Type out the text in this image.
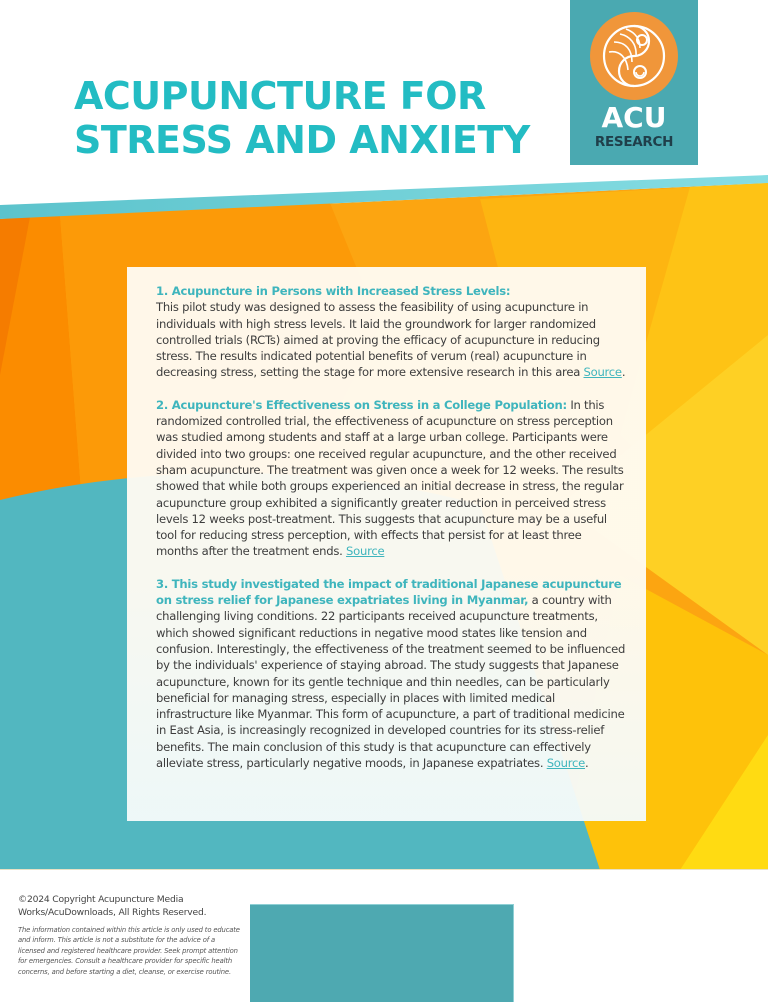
ACUPUNCTURE FOR
STRESS AND ANXIETY
ACU
RESEARCH

1. Acupuncture in Persons with Increased Stress Levels:
This pilot study was designed to assess the feasibility of using acupuncture in individuals with high stress levels. It laid the groundwork for larger randomized controlled trials (RCTs) aimed at proving the efficacy of acupuncture in reducing stress. The results indicated potential benefits of verum (real) acupuncture in decreasing stress, setting the stage for more extensive research in this area Source.

2. Acupuncture's Effectiveness on Stress in a College Population: In this randomized controlled trial, the effectiveness of acupuncture on stress perception was studied among students and staff at a large urban college. Participants were divided into two groups: one received regular acupuncture, and the other received sham acupuncture. The treatment was given once a week for 12 weeks. The results showed that while both groups experienced an initial decrease in stress, the regular acupuncture group exhibited a significantly greater reduction in perceived stress levels 12 weeks post-treatment. This suggests that acupuncture may be a useful tool for reducing stress perception, with effects that persist for at least three months after the treatment ends. Source

3. This study investigated the impact of traditional Japanese acupuncture on stress relief for Japanese expatriates living in Myanmar, a country with challenging living conditions. 22 participants received acupuncture treatments, which showed significant reductions in negative mood states like tension and confusion. Interestingly, the effectiveness of the treatment seemed to be influenced by the individuals' experience of staying abroad. The study suggests that Japanese acupuncture, known for its gentle technique and thin needles, can be particularly beneficial for managing stress, especially in places with limited medical infrastructure like Myanmar. This form of acupuncture, a part of traditional medicine in East Asia, is increasingly recognized in developed countries for its stress-relief benefits. The main conclusion of this study is that acupuncture can effectively alleviate stress, particularly negative moods, in Japanese expatriates. Source.

©2024 Copyright Acupuncture Media Works/AcuDownloads, All Rights Reserved.

The information contained within this article is only used to educate and inform. This article is not a substitute for the advice of a licensed and registered healthcare provider. Seek prompt attention for emergencies. Consult a healthcare provider for specific health concerns, and before starting a diet, cleanse, or exercise routine.
